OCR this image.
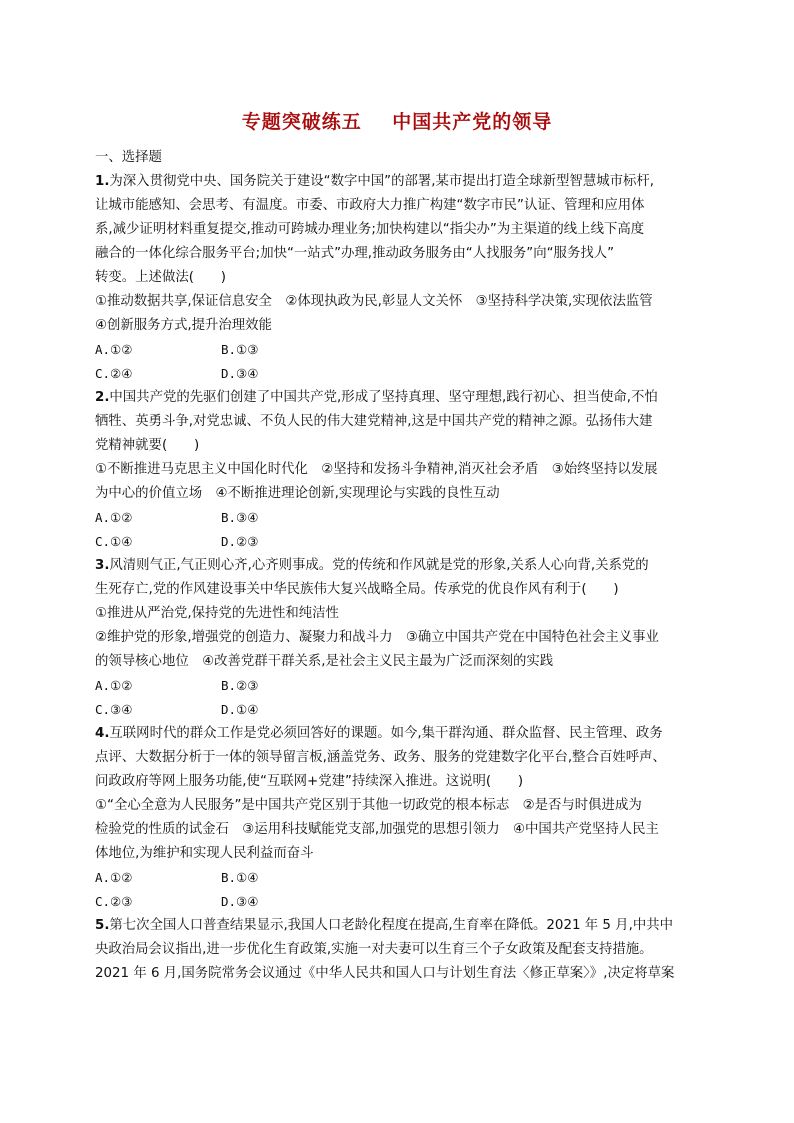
专题突破练五    中国共产党的领导
一、选择题
1.为深入贯彻党中央、国务院关于建设“数字中国”的部署,某市提出打造全球新型智慧城市标杆,
让城市能感知、会思考、有温度。市委、市政府大力推广构建“数字市民”认证、管理和应用体
系,减少证明材料重复提交,推动可跨城办理业务;加快构建以“指尖办”为主渠道的线上线下高度
融合的一体化综合服务平台;加快“一站式”办理,推动政务服务由“人找服务”向“服务找人”
转变。上述做法(　　)
①推动数据共享,保证信息安全　②体现执政为民,彰显人文关怀　③坚持科学决策,实现依法监管
④创新服务方式,提升治理效能
A.①②	B.①③
C.②④	D.③④
2.中国共产党的先驱们创建了中国共产党,形成了坚持真理、坚守理想,践行初心、担当使命,不怕
牺牲、英勇斗争,对党忠诚、不负人民的伟大建党精神,这是中国共产党的精神之源。弘扬伟大建
党精神就要(　　)
①不断推进马克思主义中国化时代化　②坚持和发扬斗争精神,消灭社会矛盾　③始终坚持以发展
为中心的价值立场　④不断推进理论创新,实现理论与实践的良性互动
A.①②	B.③④
C.①④	D.②③
3.风清则气正,气正则心齐,心齐则事成。党的传统和作风就是党的形象,关系人心向背,关系党的
生死存亡,党的作风建设事关中华民族伟大复兴战略全局。传承党的优良作风有利于(　　)
①推进从严治党,保持党的先进性和纯洁性
②维护党的形象,增强党的创造力、凝聚力和战斗力　③确立中国共产党在中国特色社会主义事业
的领导核心地位　④改善党群干群关系,是社会主义民主最为广泛而深刻的实践
A.①②	B.②③
C.③④	D.①④
4.互联网时代的群众工作是党必须回答好的课题。如今,集干群沟通、群众监督、民主管理、政务
点评、大数据分析于一体的领导留言板,涵盖党务、政务、服务的党建数字化平台,整合百姓呼声、
问政政府等网上服务功能,使“互联网+党建”持续深入推进。这说明(　　)
①“全心全意为人民服务”是中国共产党区别于其他一切政党的根本标志　②是否与时俱进成为
检验党的性质的试金石　③运用科技赋能党支部,加强党的思想引领力　④中国共产党坚持人民主
体地位,为维护和实现人民利益而奋斗
A.①②	B.①④
C.②③	D.③④
5.第七次全国人口普查结果显示,我国人口老龄化程度在提高,生育率在降低。2021 年 5 月,中共中
央政治局会议指出,进一步优化生育政策,实施一对夫妻可以生育三个子女政策及配套支持措施。
2021 年 6 月,国务院常务会议通过《中华人民共和国人口与计划生育法〈修正草案〉》,决定将草案
